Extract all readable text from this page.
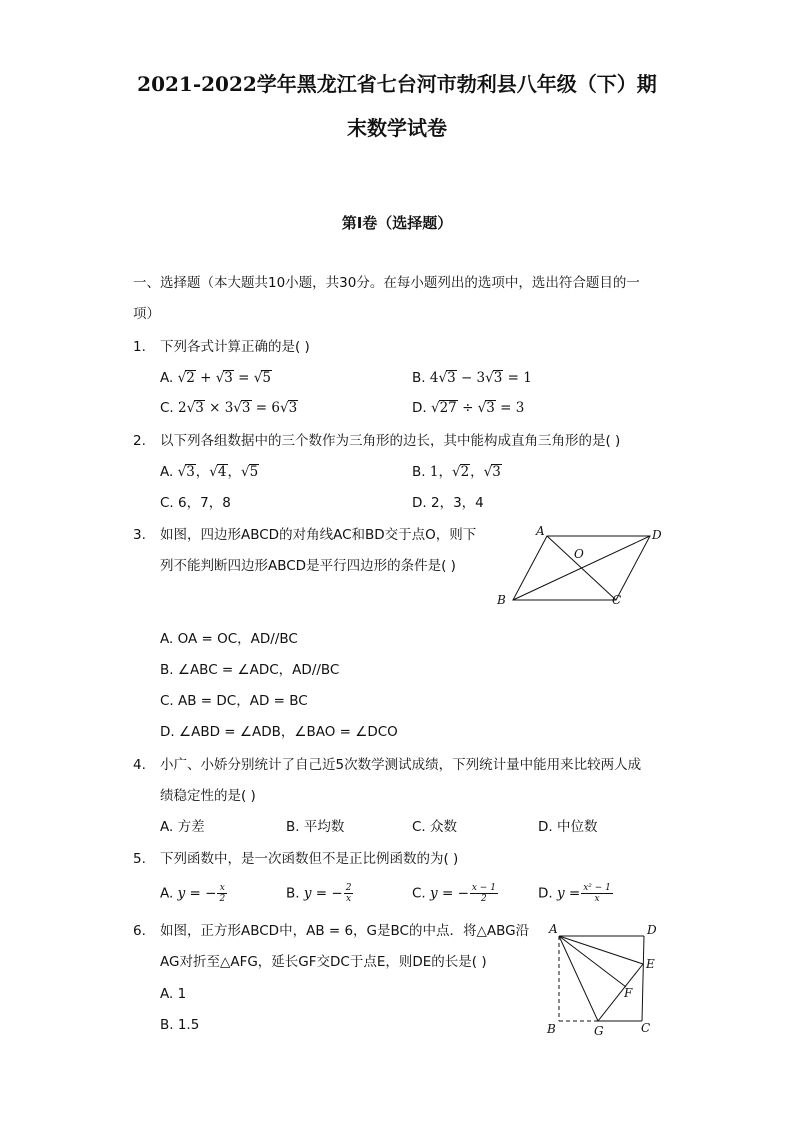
2021-2022学年黑龙江省七台河市勃利县八年级（下）期
末数学试卷
第I卷（选择题）
一、选择题（本大题共10小题，共30分。在每小题列出的选项中，选出符合题目的一
项）
1. 下列各式计算正确的是( )
A. √2 + √3 = √5	B. 4√3 − 3√3 = 1
C. 2√3 × 3√3 = 6√3	D. √27 ÷ √3 = 3
2. 以下列各组数据中的三个数作为三角形的边长，其中能构成直角三角形的是( )
A. √3，√4，√5	B. 1，√2，√3
C. 6，7，8	D. 2，3，4
3. 如图，四边形ABCD的对角线AC和BD交于点O，则下
列不能判断四边形ABCD是平行四边形的条件是( )
A	D
O
B	C
A. OA = OC，AD//BC
B. ∠ABC = ∠ADC，AD//BC
C. AB = DC，AD = BC
D. ∠ABD = ∠ADB，∠BAO = ∠DCO
4. 小广、小娇分别统计了自己近5次数学测试成绩，下列统计量中能用来比较两人成
绩稳定性的是( )
A. 方差	B. 平均数	C. 众数	D. 中位数
5. 下列函数中，是一次函数但不是正比例函数的为( )
A. y = − $\frac{x}{2}$	B. y = − $\frac{2}{x}$	C. y = − $\frac{x - 1}{2}$	D. $y = \frac{\text{x² − 1}}{x}$
6. 如图，正方形ABCD中，AB = 6，G是BC的中点．将△ABG沿
AG对折至△AFG，延长GF交DC于点E，则DE的长是( )
A. 1
B. 1.5
A	D
E
F
B	G	C
